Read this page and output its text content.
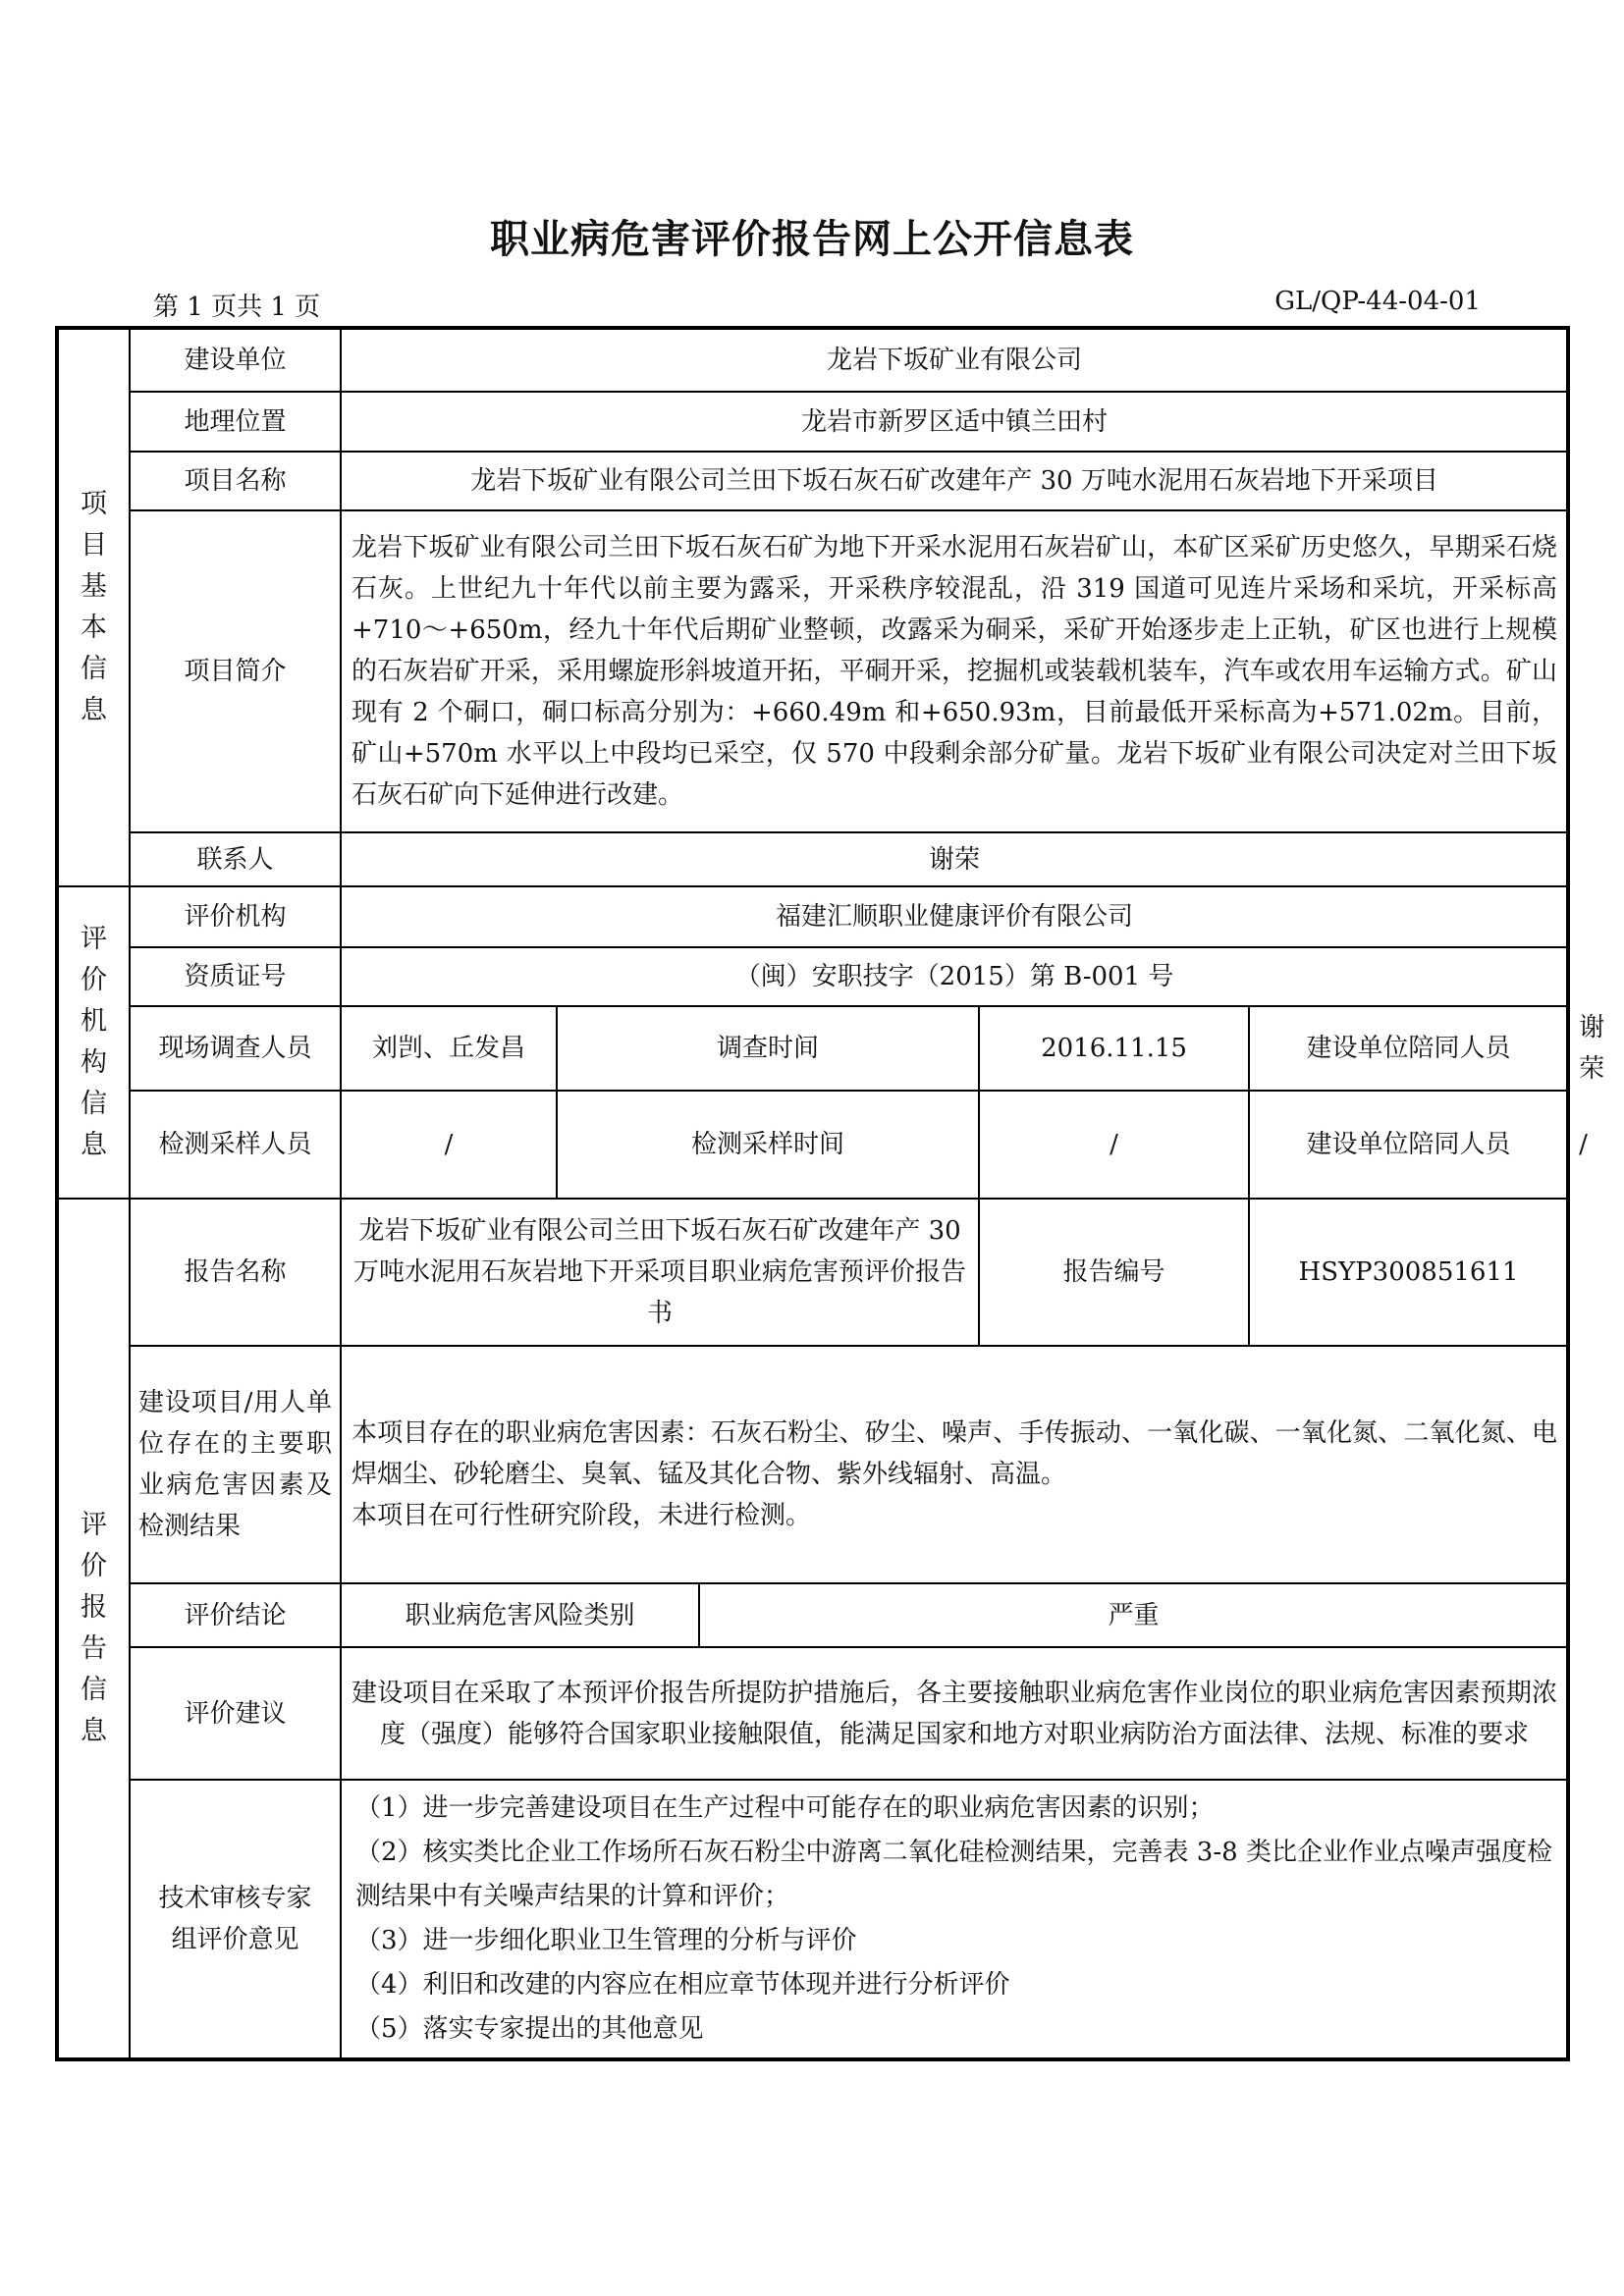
职业病危害评价报告网上公开信息表
第 1 页共 1 页	GL/QP-44-04-01
项目基本信息	建设单位	龙岩下坂矿业有限公司					
	地理位置	龙岩市新罗区适中镇兰田村					
	项目名称	龙岩下坂矿业有限公司兰田下坂石灰石矿改建年产 30 万吨水泥用石灰岩地下开采项目					
	项目简介	龙岩下坂矿业有限公司兰田下坂石灰石矿为地下开采水泥用石灰岩矿山，本矿区采矿历史悠久，早期采石烧石灰。上世纪九十年代以前主要为露采，开采秩序较混乱，沿 319 国道可见连片采场和采坑，开采标高+710～+650m，经九十年代后期矿业整顿，改露采为硐采，采矿开始逐步走上正轨，矿区也进行上规模的石灰岩矿开采，采用螺旋形斜坡道开拓，平硐开采，挖掘机或装载机装车，汽车或农用车运输方式。矿山现有 2 个硐口，硐口标高分别为：+660.49m 和+650.93m，目前最低开采标高为+571.02m。目前，矿山+570m 水平以上中段均已采空，仅 570 中段剩余部分矿量。龙岩下坂矿业有限公司决定对兰田下坂石灰石矿向下延伸进行改建。					
	联系人	谢荣					
评价机构信息	评价机构	福建汇顺职业健康评价有限公司					
	资质证号	（闽）安职技字（2015）第 B-001 号					
	现场调查人员	刘剀、丘发昌	调查时间		2016.11.15	建设单位陪同人员	谢荣
	检测采样人员	/	检测采样时间		/	建设单位陪同人员	/
评价报告信息	报告名称	龙岩下坂矿业有限公司兰田下坂石灰石矿改建年产 30 万吨水泥用石灰岩地下开采项目职业病危害预评价报告书			报告编号	HSYP300851611	
	建设项目/用人单位存在的主要职业病危害因素及检测结果	本项目存在的职业病危害因素：石灰石粉尘、矽尘、噪声、手传振动、一氧化碳、一氧化氮、二氧化氮、电焊烟尘、砂轮磨尘、臭氧、锰及其化合物、紫外线辐射、高温。
本项目在可行性研究阶段，未进行检测。					

	评价结论	职业病危害风险类别		严重			
	评价建议	建设项目在采取了本预评价报告所提防护措施后，各主要接触职业病危害作业岗位的职业病危害因素预期浓度（强度）能够符合国家职业接触限值，能满足国家和地方对职业病防治方面法律、法规、标准的要求					
	技术审核专家组评价意见	（1）进一步完善建设项目在生产过程中可能存在的职业病危害因素的识别；

（2）核实类比企业工作场所石灰石粉尘中游离二氧化硅检测结果，完善表 3-8 类比企业作业点噪声强度检测结果中有关噪声结果的计算和评价；

（3）进一步细化职业卫生管理的分析与评价

（4）利旧和改建的内容应在相应章节体现并进行分析评价

（5）落实专家提出的其他意见					
